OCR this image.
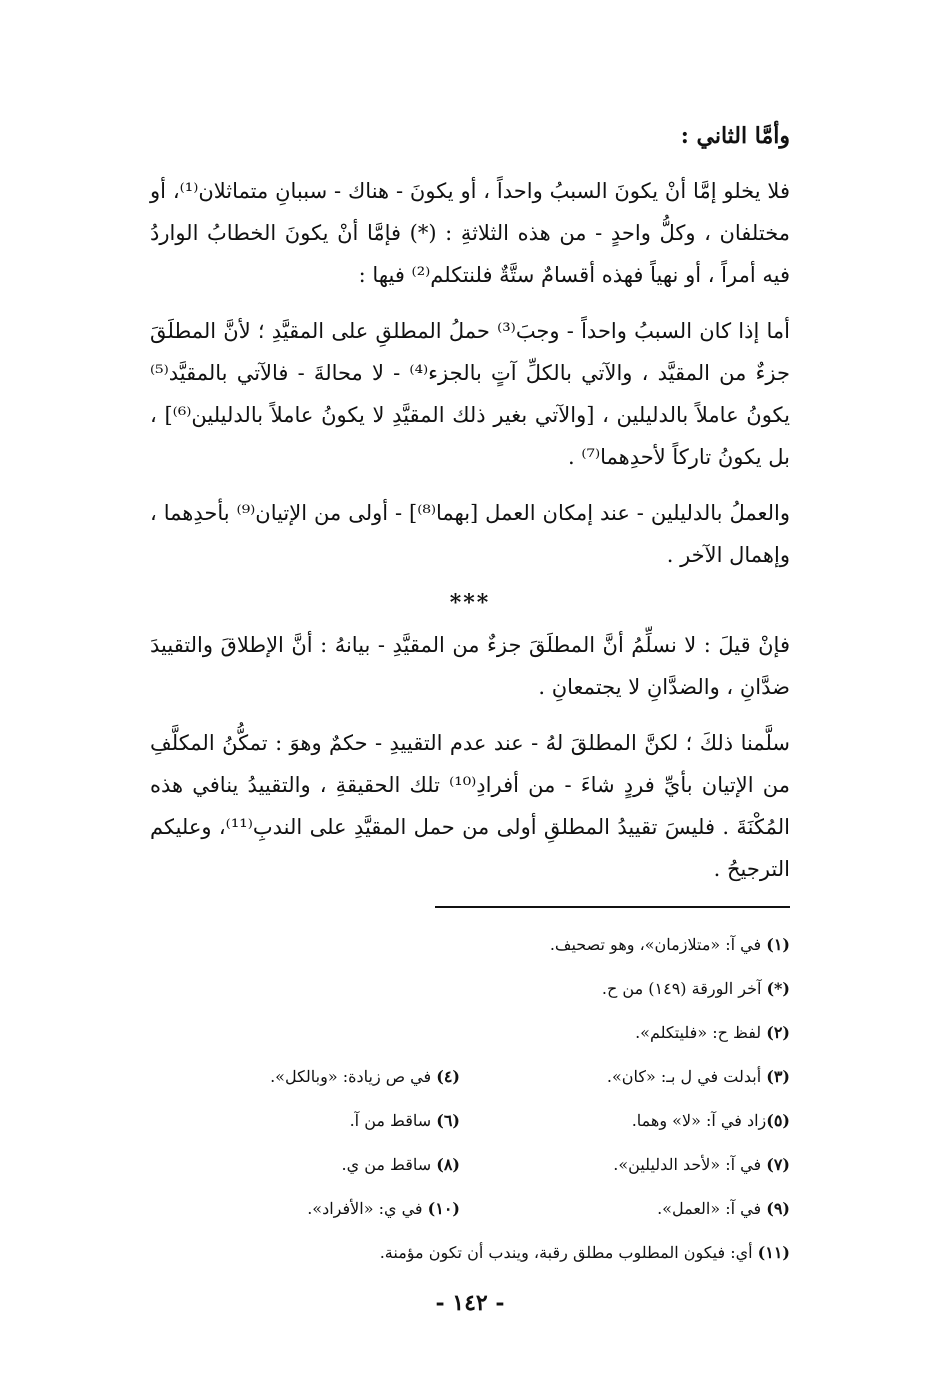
وأمَّا الثاني :

فلا يخلو إمَّا أنْ يكونَ السببُ واحداً ، أو يكونَ - هناك - سببانِ متماثلان⁽¹⁾، أو مختلفان ، وكلُّ واحدٍ - من هذه الثلاثةِ : (*) فإمَّا أنْ يكونَ الخطابُ الواردُ فيه أمراً ، أو نهياً فهذه أقسامٌ ستَّةٌ فلنتكلم⁽²⁾ فيها :

أما إذا كان السببُ واحداً - وجبَ⁽³⁾ حملُ المطلقِ على المقيَّدِ ؛ لأنَّ المطلَقَ جزءٌ من المقيَّد ، والآتي بالكلِّ آتٍ بالجزء⁽⁴⁾ - لا محالةَ - فالآتي بالمقيَّد⁽⁵⁾ يكونُ عاملاً بالدليلين ، [والآتي بغير ذلك المقيَّدِ لا يكونُ عاملاً بالدليلين⁽⁶⁾] ، بل يكونُ تاركاً لأحدِهما⁽⁷⁾ .

والعملُ بالدليلين - عند إمكان العمل [بهما⁽⁸⁾] - أولى من الإتيان⁽⁹⁾ بأحدِهما ، وإهمال الآخر .

***

فإنْ قيلَ : لا نسلِّمُ أنَّ المطلَقَ جزءٌ من المقيَّدِ - بيانهُ : أنَّ الإطلاقَ والتقييدَ ضدَّانِ ، والضدَّانِ لا يجتمعانِ .

سلَّمنا ذلكَ ؛ لكنَّ المطلقَ لهُ - عند عدم التقييدِ - حكمٌ وهوَ : تمكُّنُ المكلَّفِ من الإتيان بأيِّ فردٍ شاءَ - من أفرادِ⁽¹⁰⁾ تلك الحقيقةِ ، والتقييدُ ينافي هذه المُكْنَةَ . فليسَ تقييدُ المطلقِ أولى من حمل المقيَّدِ على الندبِ⁽¹¹⁾، وعليكم الترجيحُ .

(١) في آ: «متلازمان»، وهو تصحيف.
(*) آخر الورقة (١٤٩) من ح.
(٢) لفظ ح: «فليتكلم».
(٣) أبدلت في ل بـ: «كان».
(٤) في ص زيادة: «وبالكل».
(٥)زاد في آ: «لا» وهما.
(٦) ساقط من آ.
(٧) في آ: «لأحد الدليلين».
(٨) ساقط من ي.
(٩) في آ: «العمل».
(١٠) في ي: «الأفراد».
(١١) أي: فيكون المطلوب مطلق رقبة، ويندب أن تكون مؤمنة.
- ١٤٢ -
